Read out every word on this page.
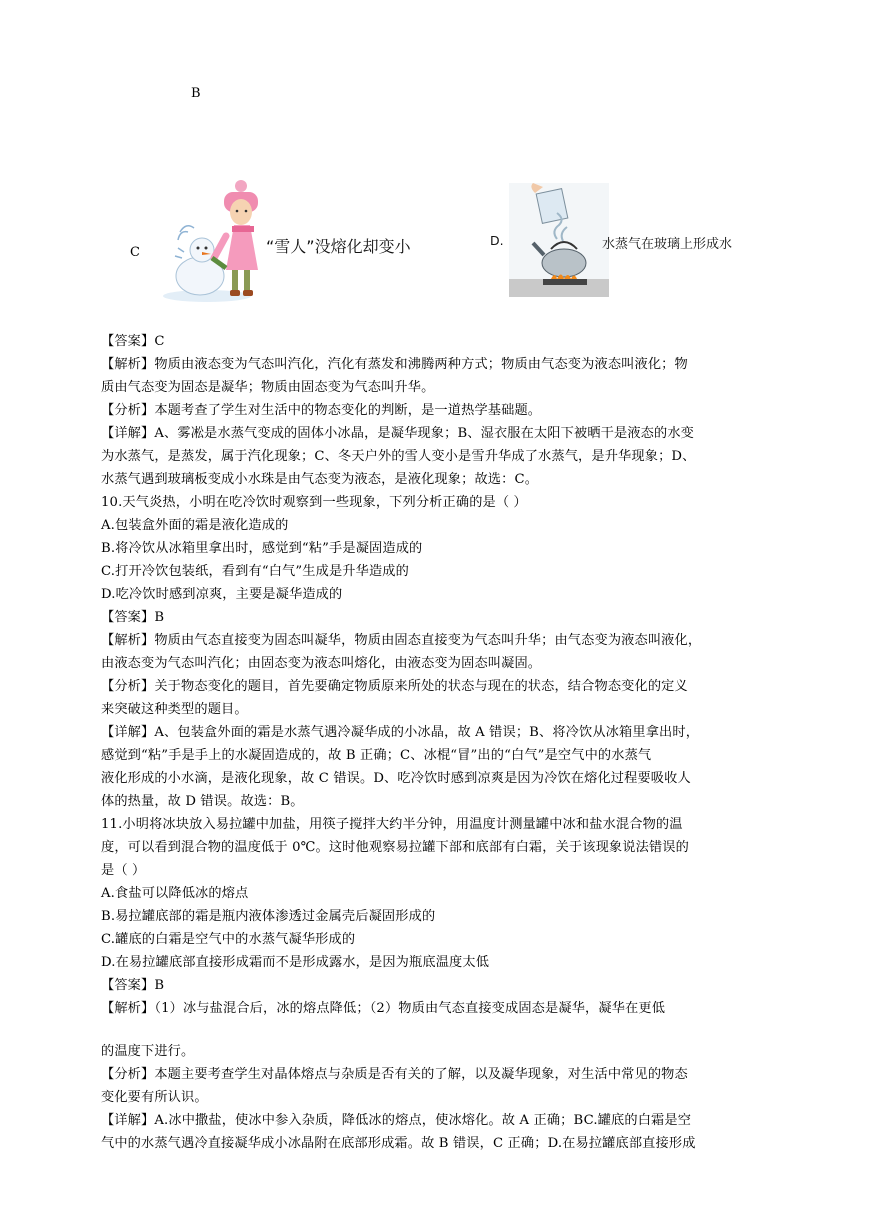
B
C	“雪人”没熔化却变小	D.	水蒸气在玻璃上形成水
【答案】C
【解析】物质由液态变为气态叫汽化，汽化有蒸发和沸腾两种方式；物质由气态变为液态叫液化；物
质由气态变为固态是凝华；物质由固态变为气态叫升华。
【分析】本题考查了学生对生活中的物态变化的判断，是一道热学基础题。
【详解】A、雾凇是水蒸气变成的固体小冰晶，是凝华现象；B、湿衣服在太阳下被晒干是液态的水变
为水蒸气，是蒸发，属于汽化现象；C、冬天户外的雪人变小是雪升华成了水蒸气，是升华现象；D、
水蒸气遇到玻璃板变成小水珠是由气态变为液态，是液化现象；故选：C。
10.天气炎热，小明在吃冷饮时观察到一些现象，下列分析正确的是（ ）
A.包装盒外面的霜是液化造成的
B.将冷饮从冰箱里拿出时，感觉到“粘”手是凝固造成的
C.打开冷饮包装纸，看到有“白气”生成是升华造成的
D.吃冷饮时感到凉爽，主要是凝华造成的
【答案】B
【解析】物质由气态直接变为固态叫凝华，物质由固态直接变为气态叫升华；由气态变为液态叫液化，
由液态变为气态叫汽化；由固态变为液态叫熔化，由液态变为固态叫凝固。
【分析】关于物态变化的题目，首先要确定物质原来所处的状态与现在的状态，结合物态变化的定义
来突破这种类型的题目。
【详解】A、包装盒外面的霜是水蒸气遇冷凝华成的小冰晶，故 A 错误；B、将冷饮从冰箱里拿出时，
感觉到“粘”手是手上的水凝固造成的，故 B 正确；C、冰棍“冒”出的“白气”是空气中的水蒸气
液化形成的小水滴，是液化现象，故 C 错误。D、吃冷饮时感到凉爽是因为冷饮在熔化过程要吸收人
体的热量，故 D 错误。故选：B。
11.小明将冰块放入易拉罐中加盐，用筷子搅拌大约半分钟，用温度计测量罐中冰和盐水混合物的温
度，可以看到混合物的温度低于 0℃。这时他观察易拉罐下部和底部有白霜，关于该现象说法错误的
是（ ）
A.食盐可以降低冰的熔点
B.易拉罐底部的霜是瓶内液体渗透过金属壳后凝固形成的
C.罐底的白霜是空气中的水蒸气凝华形成的
D.在易拉罐底部直接形成霜而不是形成露水，是因为瓶底温度太低
【答案】B
【解析】（1）冰与盐混合后，冰的熔点降低；（2）物质由气态直接变成固态是凝华，凝华在更低
的温度下进行。
【分析】本题主要考查学生对晶体熔点与杂质是否有关的了解，以及凝华现象，对生活中常见的物态
变化要有所认识。
【详解】A.冰中撒盐，使冰中参入杂质，降低冰的熔点，使冰熔化。故 A 正确；BC.罐底的白霜是空
气中的水蒸气遇冷直接凝华成小冰晶附在底部形成霜。故 B 错误，C 正确；D.在易拉罐底部直接形成
